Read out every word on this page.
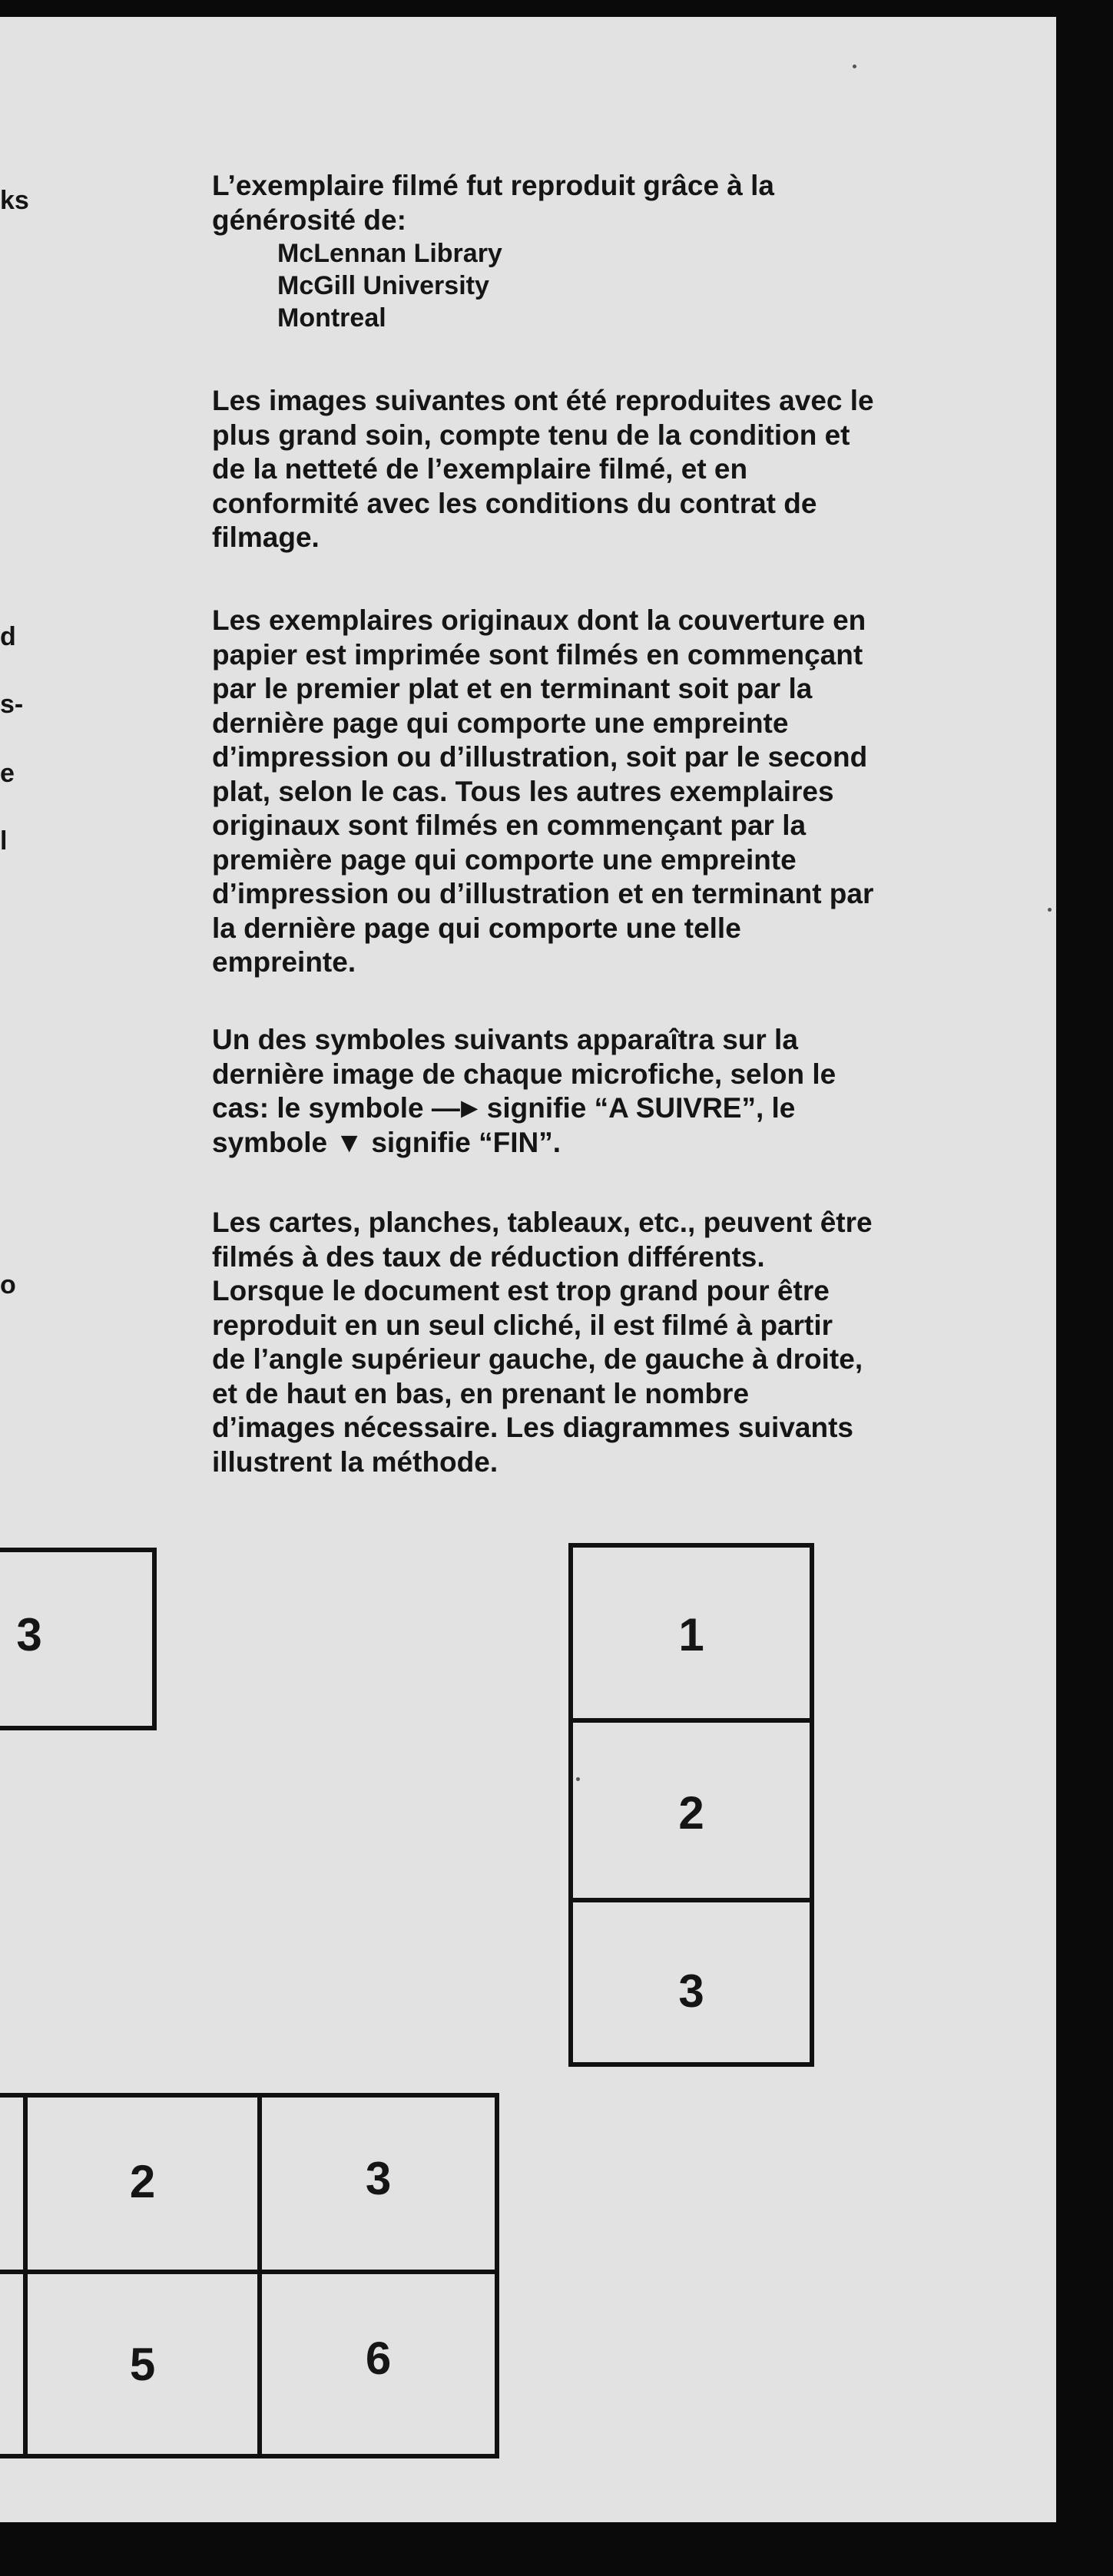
ks
d
s-
e
l
o
L’exemplaire filmé fut reproduit grâce à la
générosité de:
McLennan Library
McGill University
Montreal
Les images suivantes ont été reproduites avec le
plus grand soin, compte tenu de la condition et
de la netteté de l’exemplaire filmé, et en
conformité avec les conditions du contrat de
filmage.
Les exemplaires originaux dont la couverture en
papier est imprimée sont filmés en commençant
par le premier plat et en terminant soit par la
dernière page qui comporte une empreinte
d’impression ou d’illustration, soit par le second
plat, selon le cas. Tous les autres exemplaires
originaux sont filmés en commençant par la
première page qui comporte une empreinte
d’impression ou d’illustration et en terminant par
la dernière page qui comporte une telle
empreinte.
Un des symboles suivants apparaîtra sur la
dernière image de chaque microfiche, selon le
cas: le symbole —► signifie “A SUIVRE”, le
symbole ▼ signifie “FIN”.
Les cartes, planches, tableaux, etc., peuvent être
filmés à des taux de réduction différents.
Lorsque le document est trop grand pour être
reproduit en un seul cliché, il est filmé à partir
de l’angle supérieur gauche, de gauche à droite,
et de haut en bas, en prenant le nombre
d’images nécessaire. Les diagrammes suivants
illustrent la méthode.
3	1
2
3
2	3
5	6
